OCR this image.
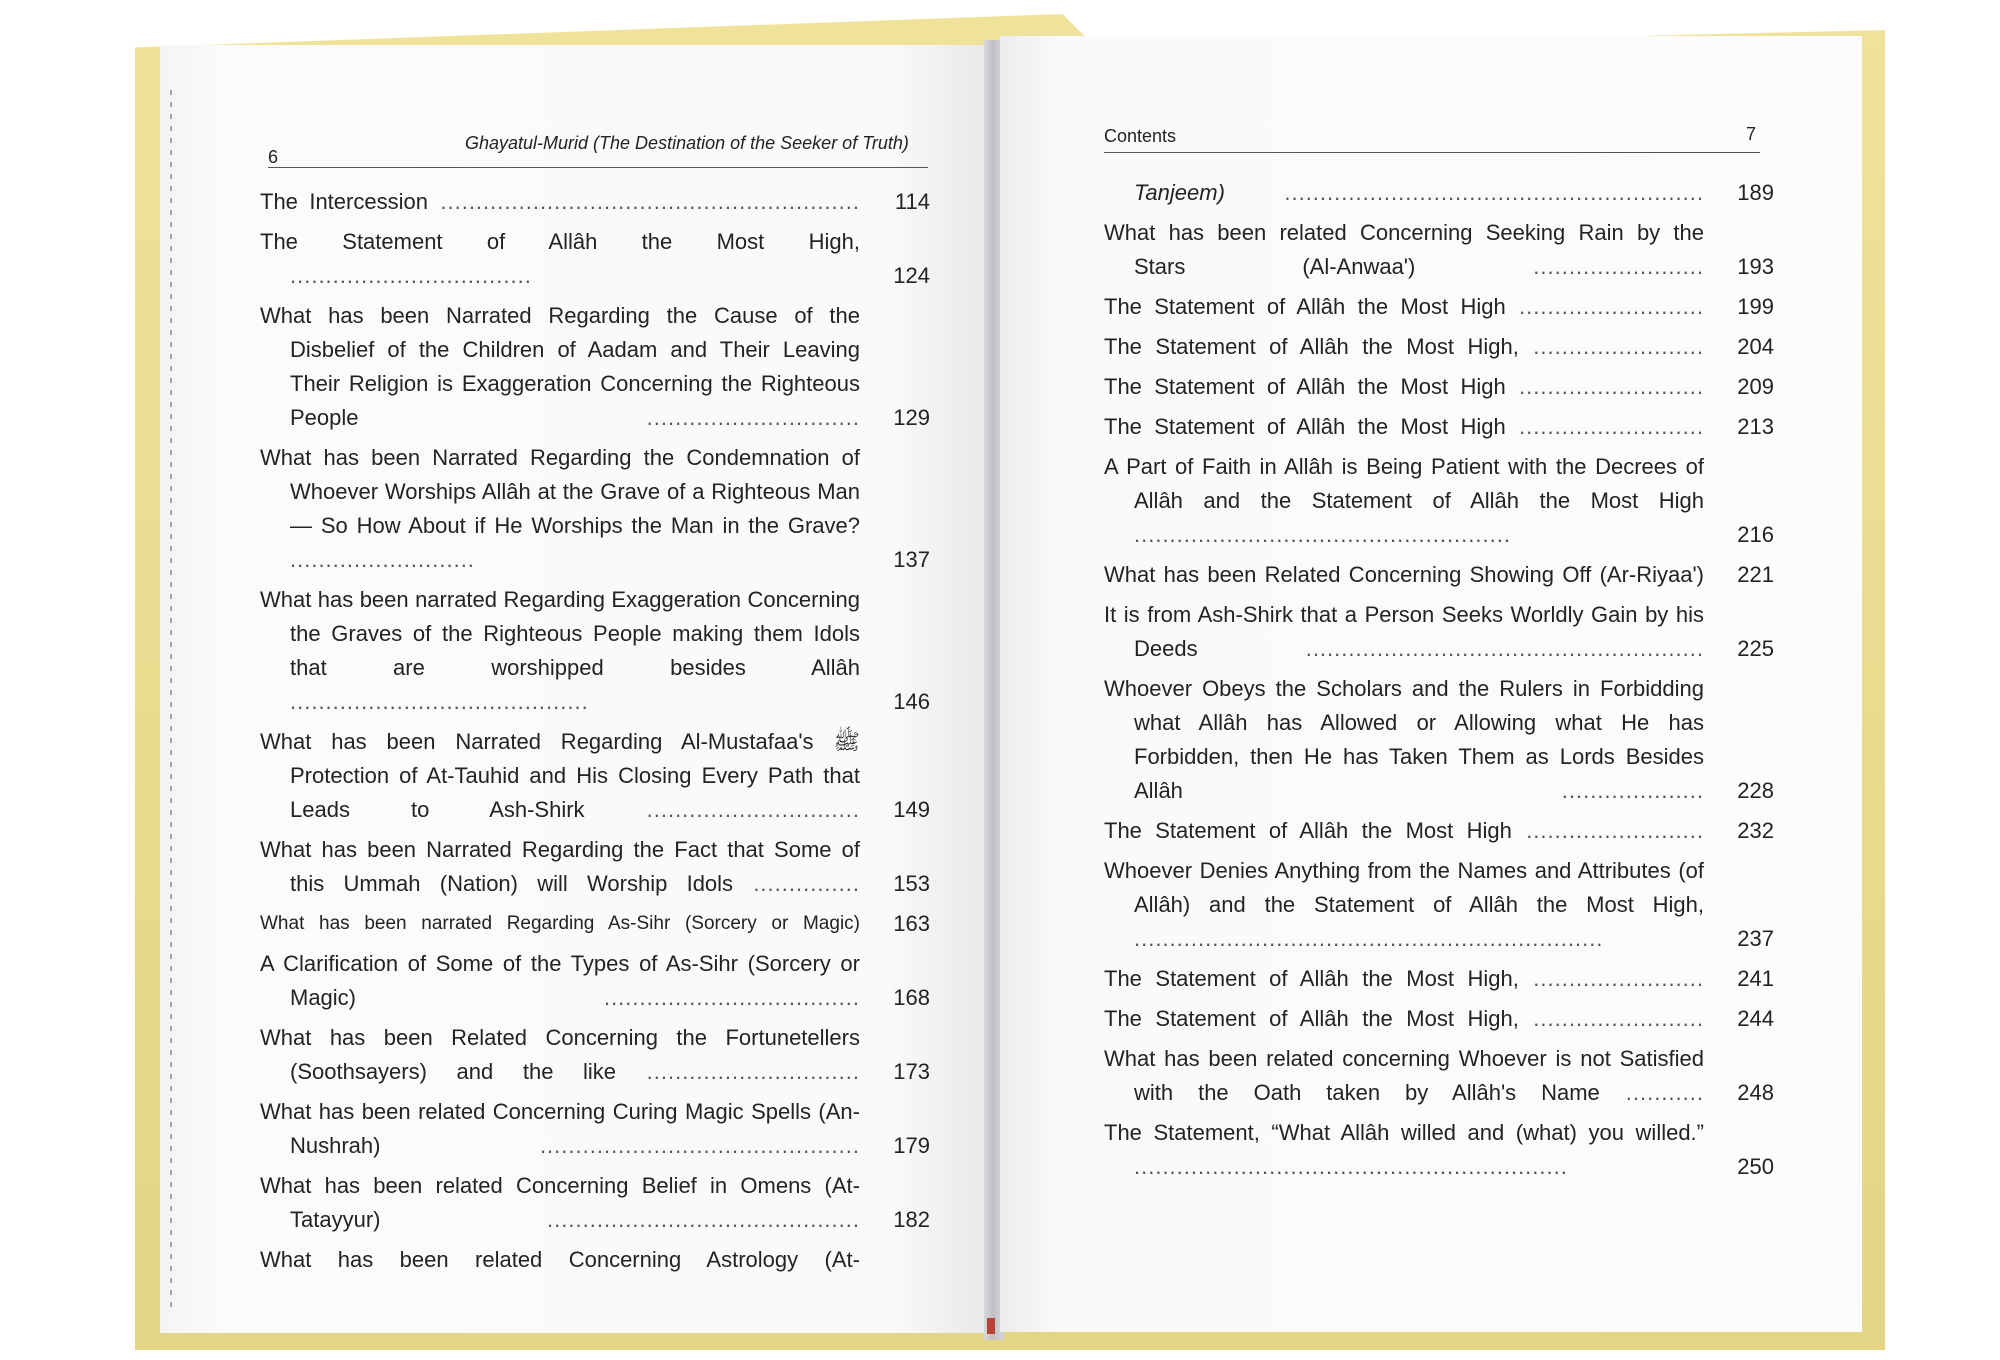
6
Ghayatul-Murid (The Destination of the Seeker of Truth)
The Intercession ...........................................................	114
The Statement of Allâh the Most High, ..................................	124
What has been Narrated Regarding the Cause of the Disbelief of the Children of Aadam and Their Leaving Their Religion is Exaggeration Concerning the Righteous People ..............................	129
What has been Narrated Regarding the Condemnation of Whoever Worships Allâh at the Grave of a Righteous Man — So How About if He Worships the Man in the Grave? ..........................	137
What has been narrated Regarding Exaggeration Concerning the Graves of the Righteous People making them Idols that are worshipped besides Allâh ..........................................	146
What has been Narrated Regarding Al-Mustafaa's ﷺ Protection of At-Tauhid and His Closing Every Path that Leads to Ash-Shirk ..............................	149
What has been Narrated Regarding the Fact that Some of this Ummah (Nation) will Worship Idols ...............	153
What has been narrated Regarding As-Sihr (Sorcery or Magic)	163
A Clarification of Some of the Types of As-Sihr (Sorcery or Magic) ....................................	168
What has been Related Concerning the Fortunetellers (Soothsayers) and the like ..............................	173
What has been related Concerning Curing Magic Spells (An-Nushrah) .............................................	179
What has been related Concerning Belief in Omens (At-Tatayyur) ............................................	182
What has been related Concerning Astrology (At-
Contents	7
Tanjeem) ...........................................................	189
What has been related Concerning Seeking Rain by the Stars (Al-Anwaa') ........................	193
The Statement of Allâh the Most High ..........................	199
The Statement of Allâh the Most High, ........................	204
The Statement of Allâh the Most High ..........................	209
The Statement of Allâh the Most High ..........................	213
A Part of Faith in Allâh is Being Patient with the Decrees of Allâh and the Statement of Allâh the Most High .....................................................	216
What has been Related Concerning Showing Off (Ar-Riyaa')	221
It is from Ash-Shirk that a Person Seeks Worldly Gain by his Deeds ........................................................	225
Whoever Obeys the Scholars and the Rulers in Forbidding what Allâh has Allowed or Allowing what He has Forbidden, then He has Taken Them as Lords Besides Allâh ....................	228
The Statement of Allâh the Most High .........................	232
Whoever Denies Anything from the Names and Attributes (of Allâh) and the Statement of Allâh the Most High, ..................................................................	237
The Statement of Allâh the Most High, ........................	241
The Statement of Allâh the Most High, ........................	244
What has been related concerning Whoever is not Satisfied with the Oath taken by Allâh's Name ...........	248
The Statement, “What Allâh willed and (what) you willed.” .............................................................	250
